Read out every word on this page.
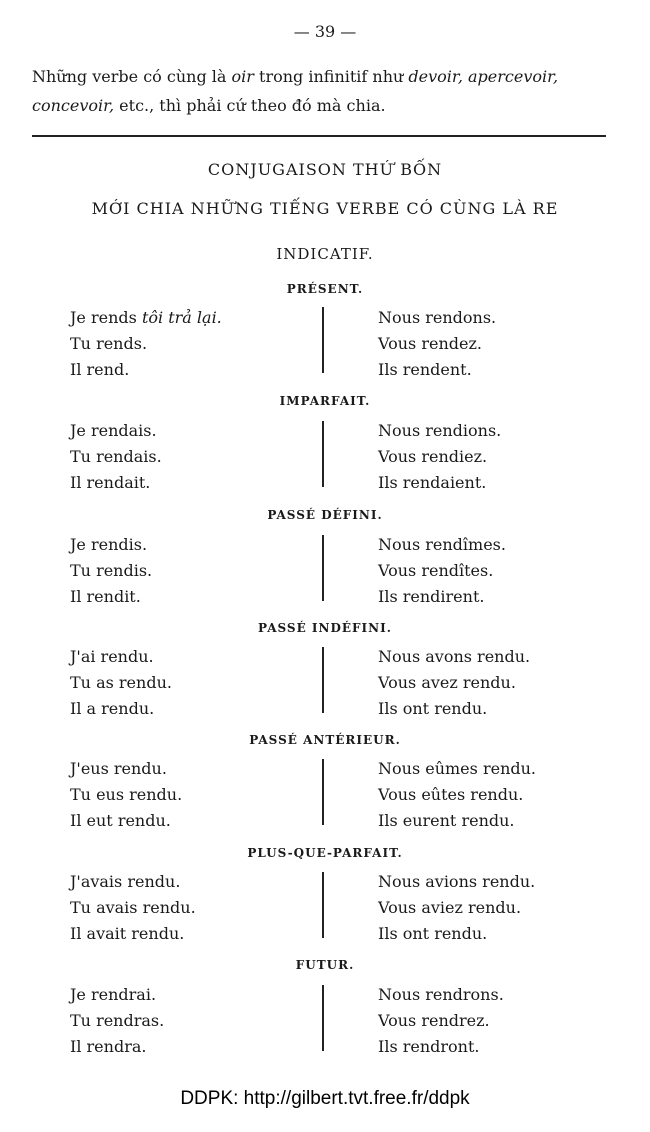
— 39 —
Những verbe có cùng là oir trong infinitif như devoir, apercevoir,
concevoir, etc., thì phải cứ theo đó mà chia.
CONJUGAISON THỨ BỐN
MỚI CHIA NHỮNG TIẾNG VERBE CÓ CÙNG LÀ RE
INDICATIF.
PRÉSENT.
Je rends tôi trả lại.
Tu rends.
Il rend.
Nous rendons.
Vous rendez.
Ils rendent.
IMPARFAIT.
Je rendais.
Tu rendais.
Il rendait.
Nous rendions.
Vous rendiez.
Ils rendaient.
PASSÉ DÉFINI.
Je rendis.
Tu rendis.
Il rendit.
Nous rendîmes.
Vous rendîtes.
Ils rendirent.
PASSÉ INDÉFINI.
J'ai rendu.
Tu as rendu.
Il a rendu.
Nous avons rendu.
Vous avez rendu.
Ils ont rendu.
PASSÉ ANTÉRIEUR.
J'eus rendu.
Tu eus rendu.
Il eut rendu.
Nous eûmes rendu.
Vous eûtes rendu.
Ils eurent rendu.
PLUS-QUE-PARFAIT.
J'avais rendu.
Tu avais rendu.
Il avait rendu.
Nous avions rendu.
Vous aviez rendu.
Ils ont rendu.
FUTUR.
Je rendrai.
Tu rendras.
Il rendra.
Nous rendrons.
Vous rendrez.
Ils rendront.
DDPK: http://gilbert.tvt.free.fr/ddpk
